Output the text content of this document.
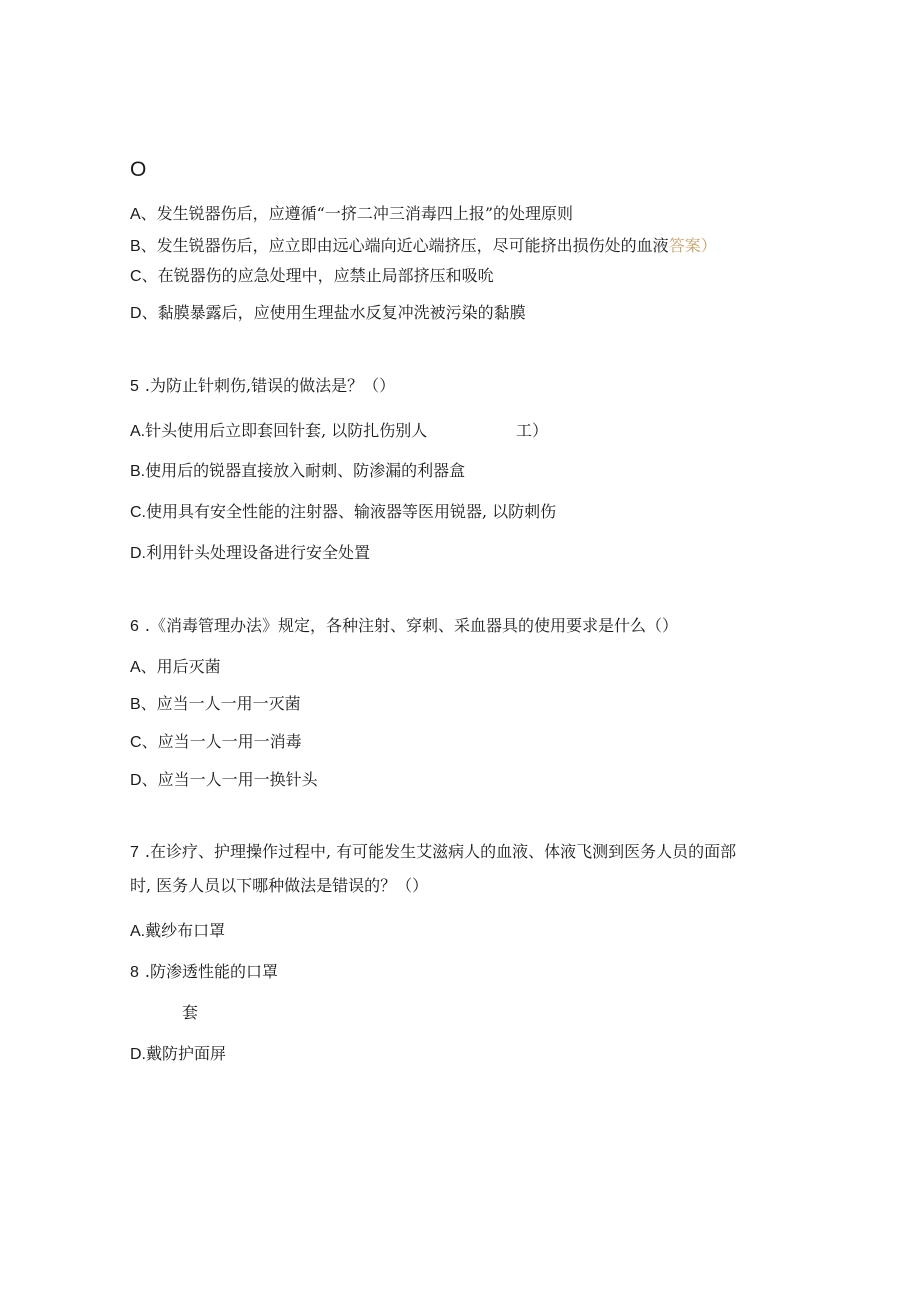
O
A、发生锐器伤后，应遵循“一挤二冲三消毒四上报”的处理原则
B、发生锐器伤后，应立即由远心端向近心端挤压，尽可能挤出损伤处的血液答案）
C、在锐器伤的应急处理中，应禁止局部挤压和吸吮
D、黏膜暴露后，应使用生理盐水反复冲洗被污染的黏膜
5 .为防止针刺伤,错误的做法是？（）
A.针头使用后立即套回针套, 以防扎伤别人	工）
B.使用后的锐器直接放入耐刺、防渗漏的利器盒
C.使用具有安全性能的注射器、输液器等医用锐器, 以防刺伤
D.利用针头处理设备进行安全处置
6 .《消毒管理办法》规定，各种注射、穿刺、采血器具的使用要求是什么（）
A、用后灭菌
B、应当一人一用一灭菌
C、应当一人一用一消毒
D、应当一人一用一换针头
7 .在诊疗、护理操作过程中, 有可能发生艾滋病人的血液、体液飞测到医务人员的面部
时, 医务人员以下哪种做法是错误的？（）
A.戴纱布口罩
8 .防渗透性能的口罩
套
D.戴防护面屏
